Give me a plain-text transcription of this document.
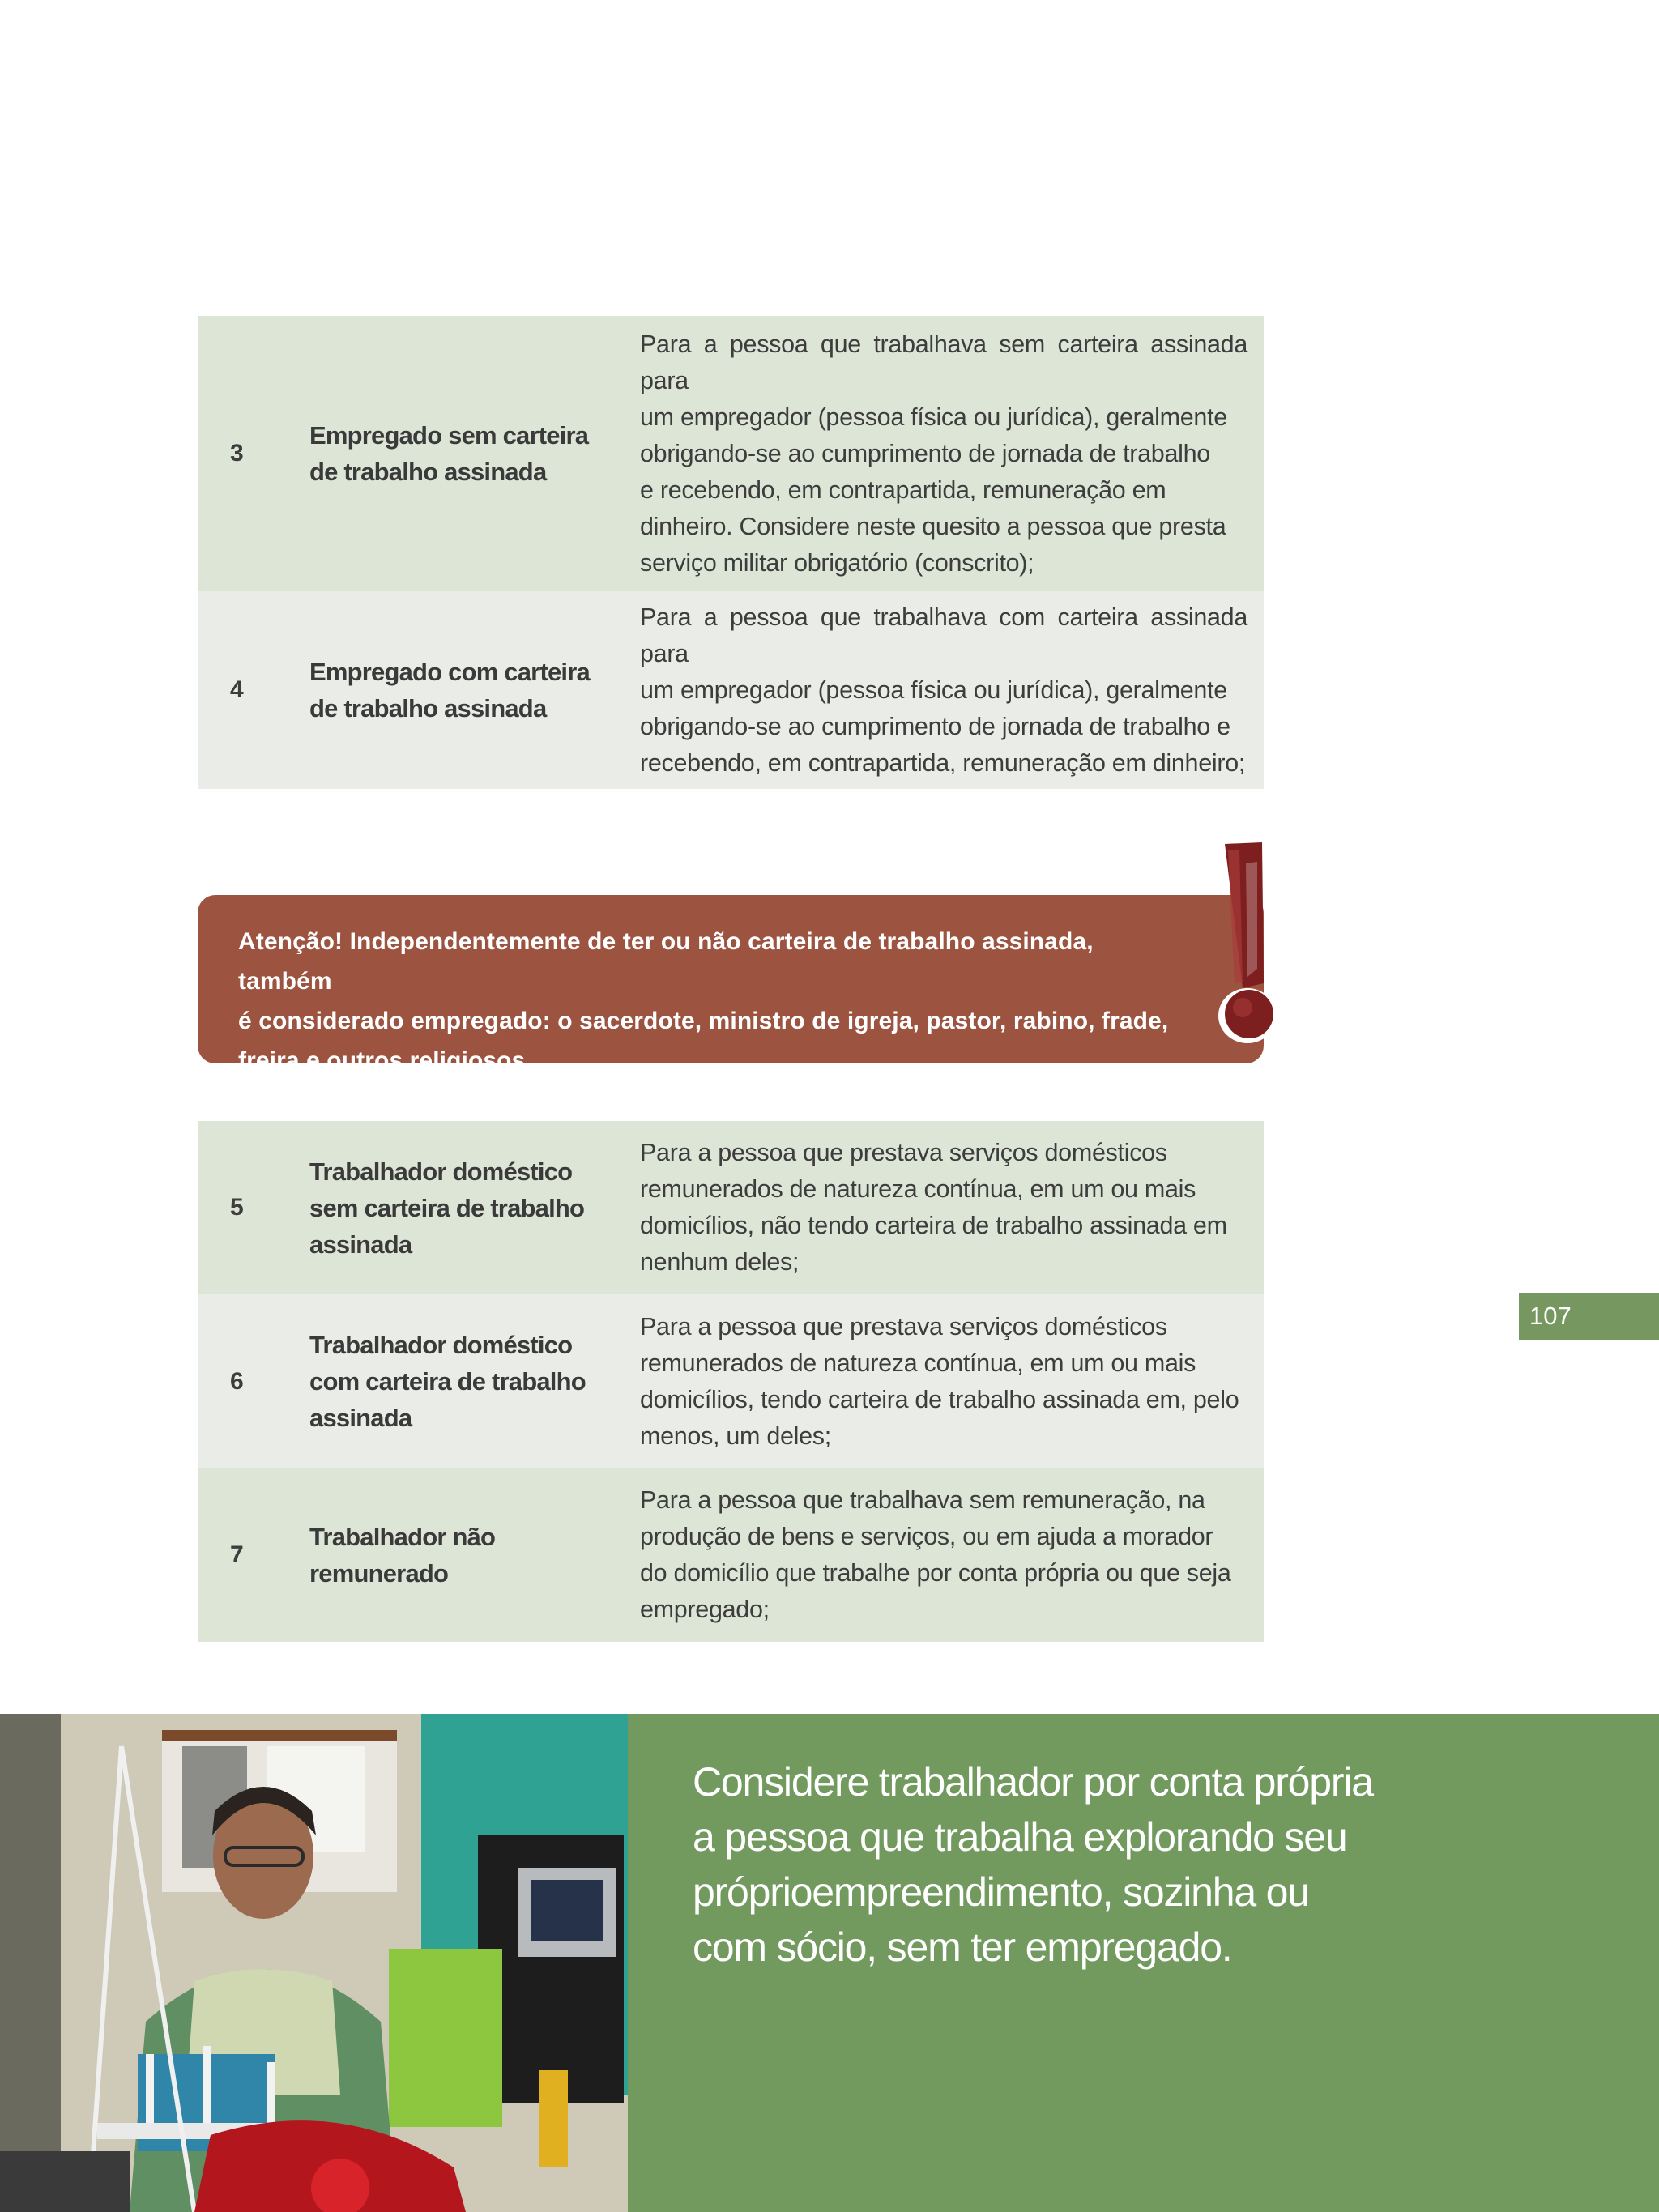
3
Empregado sem carteira
de trabalho assinada
Para a pessoa que trabalhava sem carteira assinada para
um empregador (pessoa física ou jurídica), geralmente
obrigando-se ao cumprimento de jornada de trabalho
e recebendo, em contrapartida, remuneração em
dinheiro. Considere neste quesito a pessoa que presta
serviço militar obrigatório (conscrito);
4
Empregado com carteira
de trabalho assinada
Para a pessoa que trabalhava com carteira assinada para
um empregador (pessoa física ou jurídica), geralmente
obrigando-se ao cumprimento de jornada de trabalho e
recebendo, em contrapartida, remuneração em dinheiro;

Atenção! Independentemente de ter ou não carteira de trabalho assinada, também
é considerado empregado: o sacerdote, ministro de igreja, pastor, rabino, frade,
freira e outros religiosos.

5
Trabalhador doméstico
sem carteira de trabalho
assinada
Para a pessoa que prestava serviços domésticos
remunerados de natureza contínua, em um ou mais
domicílios, não tendo carteira de trabalho assinada em
nenhum deles;
6
Trabalhador doméstico
com carteira de trabalho
assinada
Para a pessoa que prestava serviços domésticos
remunerados de natureza contínua, em um ou mais
domicílios, tendo carteira de trabalho assinada em, pelo
menos, um deles;
7
Trabalhador não
remunerado
Para a pessoa que trabalhava sem remuneração, na
produção de bens e serviços, ou em ajuda a morador
do domicílio que trabalhe por conta própria ou que seja
empregado;
107

Considere trabalhador por conta própria
a pessoa que trabalha explorando seu
próprioempreendimento, sozinha ou
com sócio, sem ter empregado.
